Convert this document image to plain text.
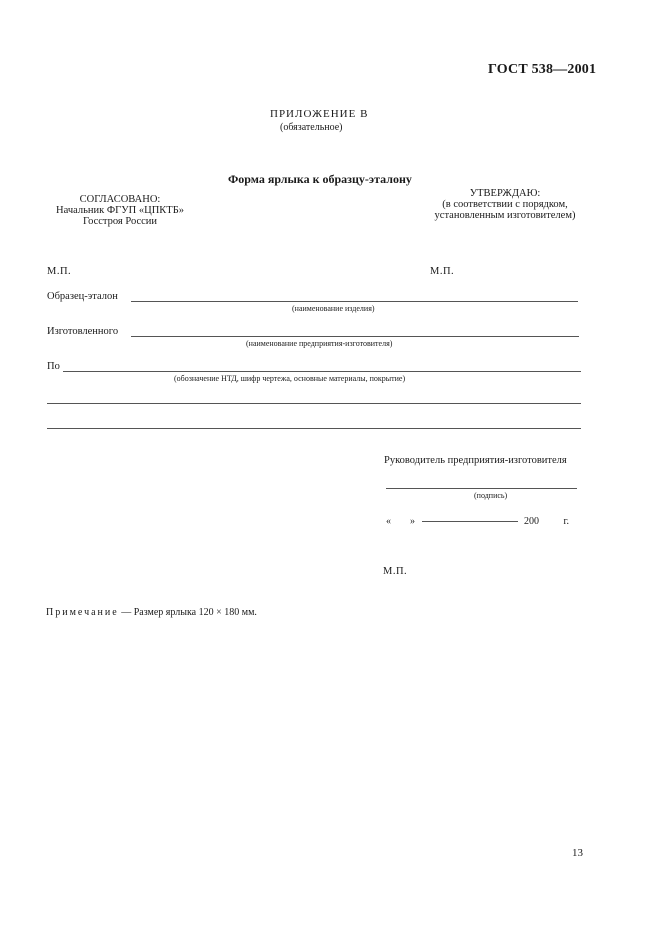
ГОСТ 538—2001
ПРИЛОЖЕНИЕ В
(обязательное)
Форма ярлыка к образцу-эталону
СОГЛАСОВАНО:
Начальник ФГУП «ЦПКТБ»
Госстроя России
УТВЕРЖДАЮ:
(в соответствии с порядком,
установленным изготовителем)
М.П.	М.П.
Образец-эталон
(наименование изделия)
Изготовленного
(наименование предприятия-изготовителя)
По
(обозначение НТД, шифр чертежа, основные материалы, покрытие)
Руководитель предприятия-изготовителя
(подпись)
« »	200 г.
М.П.
Примечание — Размер ярлыка 120 × 180 мм.
13
